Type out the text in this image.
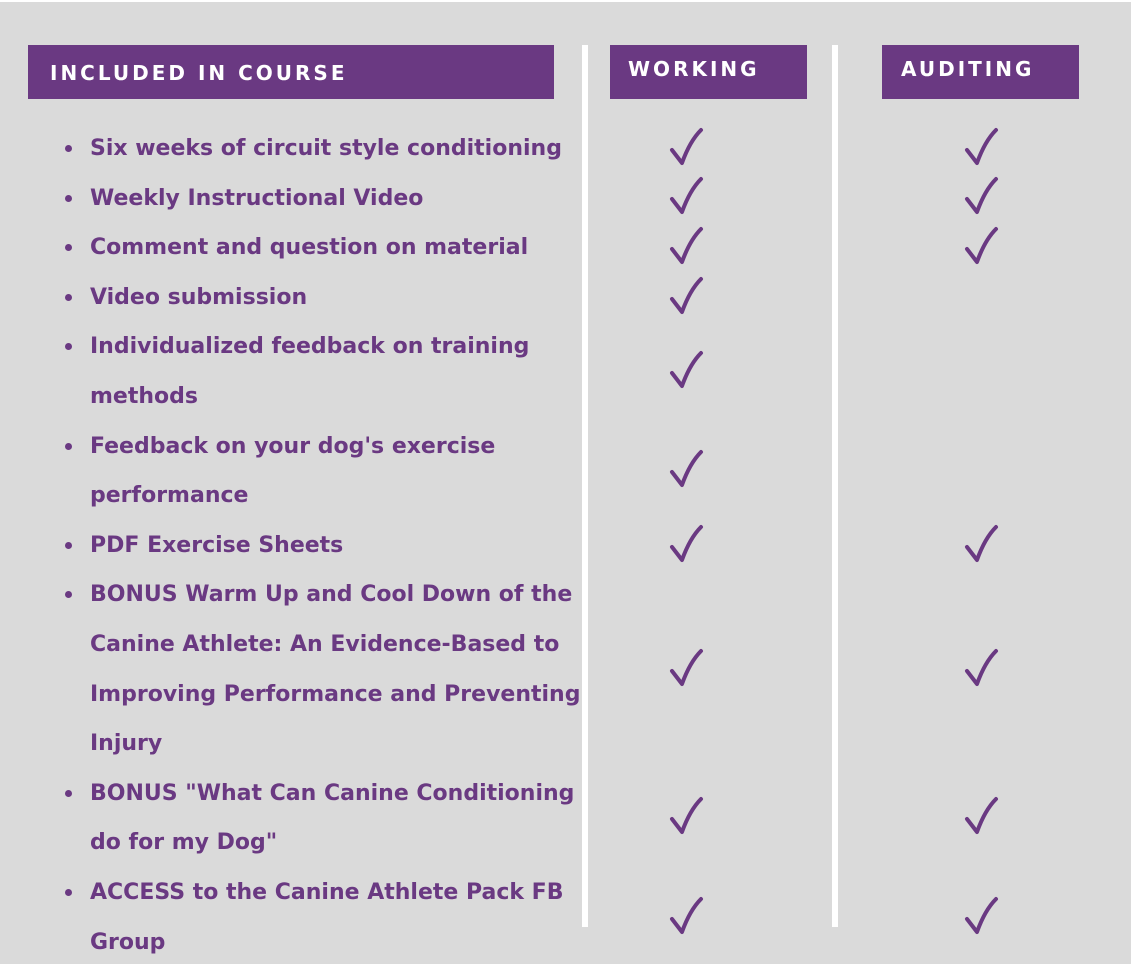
INCLUDED IN COURSE	WORKING	AUDITING
Six weeks of circuit style conditioning
Weekly Instructional Video
Comment and question on material
Video submission
Individualized feedback on training
methods
Feedback on your dog's exercise
performance
PDF Exercise Sheets
BONUS Warm Up and Cool Down of the
Canine Athlete: An Evidence-Based to
Improving Performance and Preventing
Injury
BONUS "What Can Canine Conditioning
do for my Dog"
ACCESS to the Canine Athlete Pack FB
Group
